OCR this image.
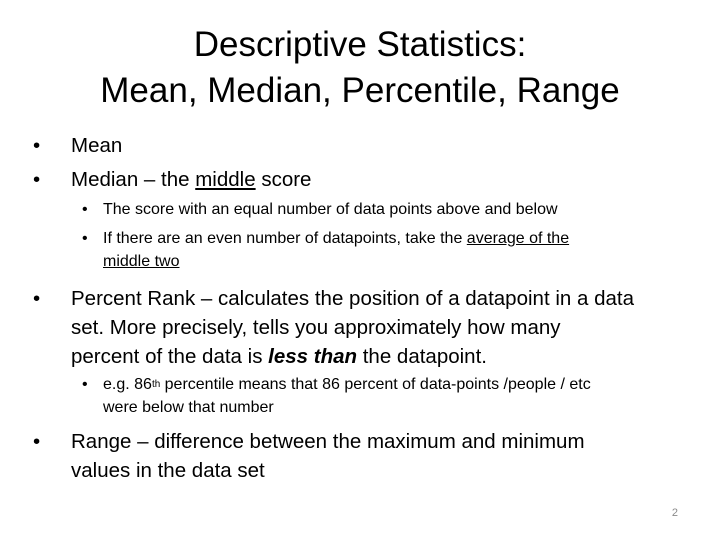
Descriptive Statistics:
Mean, Median, Percentile, Range
• Mean
• Median – the middle score
• The score with an equal number of data points above and below
• If there are an even number of datapoints, take the average of the
middle two
• Percent Rank – calculates the position of a datapoint in a data
set. More precisely, tells you approximately how many
percent of the data is less than the datapoint.
• e.g. 86th percentile means that 86 percent of data-points /people / etc
were below that number
• Range – difference between the maximum and minimum
values in the data set
2
